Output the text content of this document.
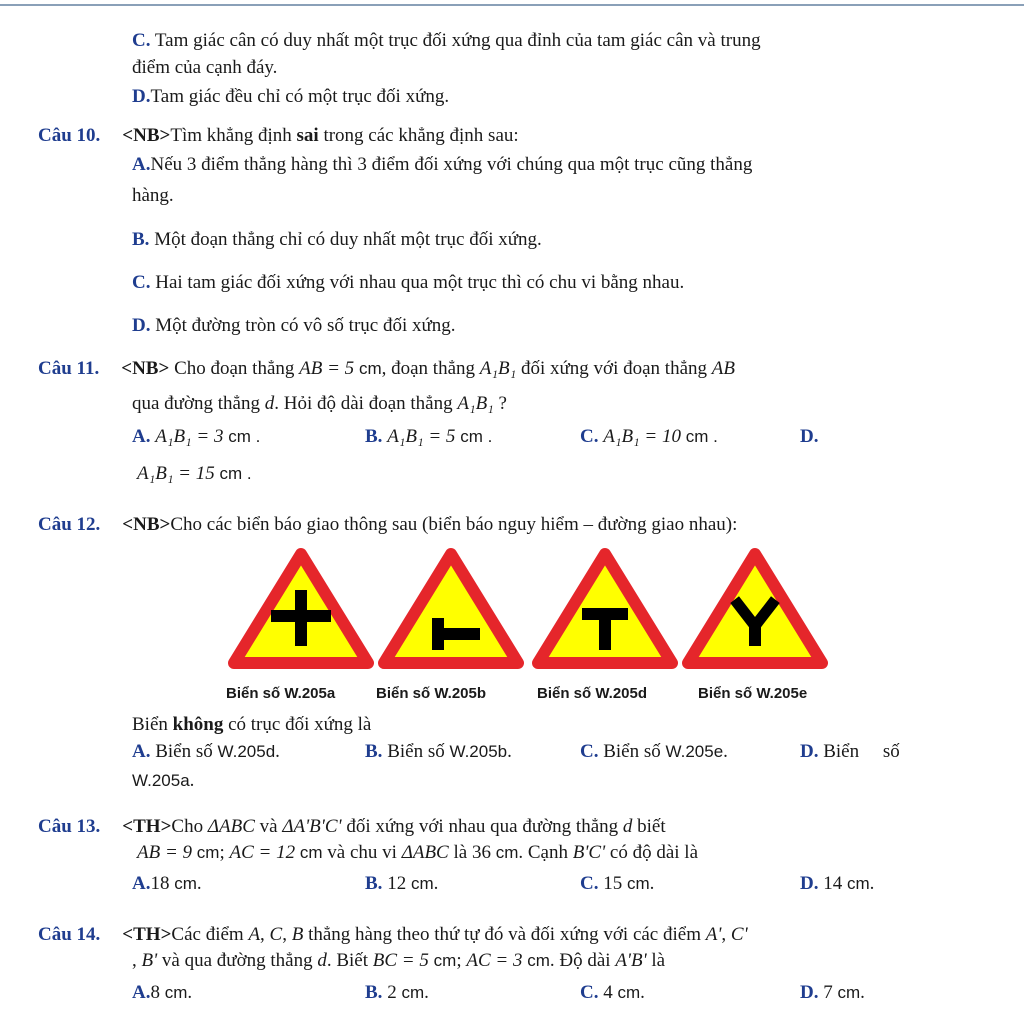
C. Tam giác cân có duy nhất một trục đối xứng qua đỉnh của tam giác cân và trung
điểm của cạnh đáy.
D.Tam giác đều chỉ có một trục đối xứng.
Câu 10. <NB>Tìm khẳng định sai trong các khẳng định sau:
A.Nếu 3 điểm thẳng hàng thì 3 điểm đối xứng với chúng qua một trục cũng thẳng
hàng.
B. Một đoạn thẳng chỉ có duy nhất một trục đối xứng.
C. Hai tam giác đối xứng với nhau qua một trục thì có chu vi bằng nhau.
D. Một đường tròn có vô số trục đối xứng.
Câu 11. <NB> Cho đoạn thẳng AB = 5 cm, đoạn thẳng A₁B₁ đối xứng với đoạn thẳng AB
qua đường thẳng d. Hỏi độ dài đoạn thẳng A₁B₁ ?
A. A₁B₁ = 3 cm .	B. A₁B₁ = 5 cm .	C. A₁B₁ = 10 cm .	D.
A₁B₁ = 15 cm .
Câu 12. <NB>Cho các biển báo giao thông sau (biển báo nguy hiểm – đường giao nhau):
Biển số W.205a	Biển số W.205b	Biển số W.205d	Biển số W.205e
Biển không có trục đối xứng là
A. Biển số W.205d.	B. Biển số W.205b.	C. Biển số W.205e.	D. Biển     số
W.205a.
Câu 13. <TH>Cho ΔABC và ΔA'B'C' đối xứng với nhau qua đường thẳng d biết
AB = 9 cm; AC = 12 cm và chu vi ΔABC là 36 cm. Cạnh B'C' có độ dài là
A.18 cm.	B. 12 cm.	C. 15 cm.	D. 14 cm.
Câu 14. <TH>Các điểm A, C, B thẳng hàng theo thứ tự đó và đối xứng với các điểm A', C'
, B' và qua đường thẳng d. Biết BC = 5 cm; AC = 3 cm. Độ dài A'B' là
A.8 cm.	B. 2 cm.	C. 4 cm.	D. 7 cm.
